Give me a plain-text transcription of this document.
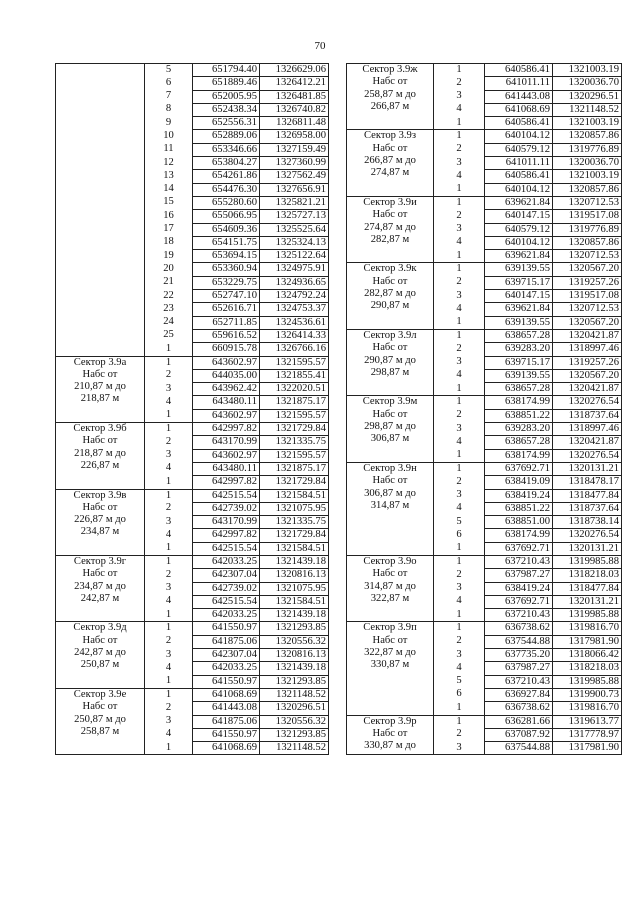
70
	5	651794.40	1326629.06
	6	651889.46	1326412.21
	7	652005.95	1326481.85
	8	652438.34	1326740.82
	9	652556.31	1326811.48
	10	652889.06	1326958.00
	11	653346.66	1327159.49
	12	653804.27	1327360.99
	13	654261.86	1327562.49
	14	654476.30	1327656.91
	15	655280.60	1325821.21
	16	655066.95	1325727.13
	17	654609.36	1325525.64
	18	654151.75	1325324.13
	19	653694.15	1325122.64
	20	653360.94	1324975.91
	21	653229.75	1324936.65
	22	652747.10	1324792.24
	23	652616.71	1324753.37
	24	652711.85	1324536.61
	25	659616.52	1326414.33
	1	660915.78	1326766.16

Сектор 3.9а
Набс от
210,87 м до
218,87 м	1	643602.97	1321595.57
	2	644035.00	1321855.41
	3	643962.42	1322020.51
	4	643480.11	1321875.17
	1	643602.97	1321595.57

Сектор 3.9б
Набс от
218,87 м до
226,87 м	1	642997.82	1321729.84
	2	643170.99	1321335.75
	3	643602.97	1321595.57
	4	643480.11	1321875.17
	1	642997.82	1321729.84

Сектор 3.9в
Набс от
226,87 м до
234,87 м	1	642515.54	1321584.51
	2	642739.02	1321075.95
	3	643170.99	1321335.75
	4	642997.82	1321729.84
	1	642515.54	1321584.51

Сектор 3.9г
Набс от
234,87 м до
242,87 м	1	642033.25	1321439.18
	2	642307.04	1320816.13
	3	642739.02	1321075.95
	4	642515.54	1321584.51
	1	642033.25	1321439.18

Сектор 3.9д
Набс от
242,87 м до
250,87 м	1	641550.97	1321293.85
	2	641875.06	1320556.32
	3	642307.04	1320816.13
	4	642033.25	1321439.18
	1	641550.97	1321293.85

Сектор 3.9е
Набс от
250,87 м до
258,87 м	1	641068.69	1321148.52
	2	641443.08	1320296.51
	3	641875.06	1320556.32
	4	641550.97	1321293.85
	1	641068.69	1321148.52
Сектор 3.9ж
Набс от
258,87 м до
266,87 м	1	640586.41	1321003.19
	2	641011.11	1320036.70
	3	641443.08	1320296.51
	4	641068.69	1321148.52
	1	640586.41	1321003.19

Сектор 3.9з
Набс от
266,87 м до
274,87 м	1	640104.12	1320857.86
	2	640579.12	1319776.89
	3	641011.11	1320036.70
	4	640586.41	1321003.19
	1	640104.12	1320857.86

Сектор 3.9и
Набс от
274,87 м до
282,87 м	1	639621.84	1320712.53
	2	640147.15	1319517.08
	3	640579.12	1319776.89
	4	640104.12	1320857.86
	1	639621.84	1320712.53

Сектор 3.9к
Набс от
282,87 м до
290,87 м	1	639139.55	1320567.20
	2	639715.17	1319257.26
	3	640147.15	1319517.08
	4	639621.84	1320712.53
	1	639139.55	1320567.20

Сектор 3.9л
Набс от
290,87 м до
298,87 м	1	638657.28	1320421.87
	2	639283.20	1318997.46
	3	639715.17	1319257.26
	4	639139.55	1320567.20
	1	638657.28	1320421.87

Сектор 3.9м
Набс от
298,87 м до
306,87 м	1	638174.99	1320276.54
	2	638851.22	1318737.64
	3	639283.20	1318997.46
	4	638657.28	1320421.87
	1	638174.99	1320276.54

Сектор 3.9н
Набс от
306,87 м до
314,87 м	1	637692.71	1320131.21
	2	638419.09	1318478.17
	3	638419.24	1318477.84
	4	638851.22	1318737.64
	5	638851.00	1318738.14
	6	638174.99	1320276.54
	1	637692.71	1320131.21

Сектор 3.9о
Набс от
314,87 м до
322,87 м	1	637210.43	1319985.88
	2	637987.27	1318218.03
	3	638419.24	1318477.84
	4	637692.71	1320131.21
	1	637210.43	1319985.88

Сектор 3.9п
Набс от
322,87 м до
330,87 м	1	636738.62	1319816.70
	2	637544.88	1317981.90
	3	637735.20	1318066.42
	4	637987.27	1318218.03
	5	637210.43	1319985.88
	6	636927.84	1319900.73
	1	636738.62	1319816.70

Сектор 3.9р
Набс от
330,87 м до	1	636281.66	1319613.77
	2	637087.92	1317778.97
	3	637544.88	1317981.90
